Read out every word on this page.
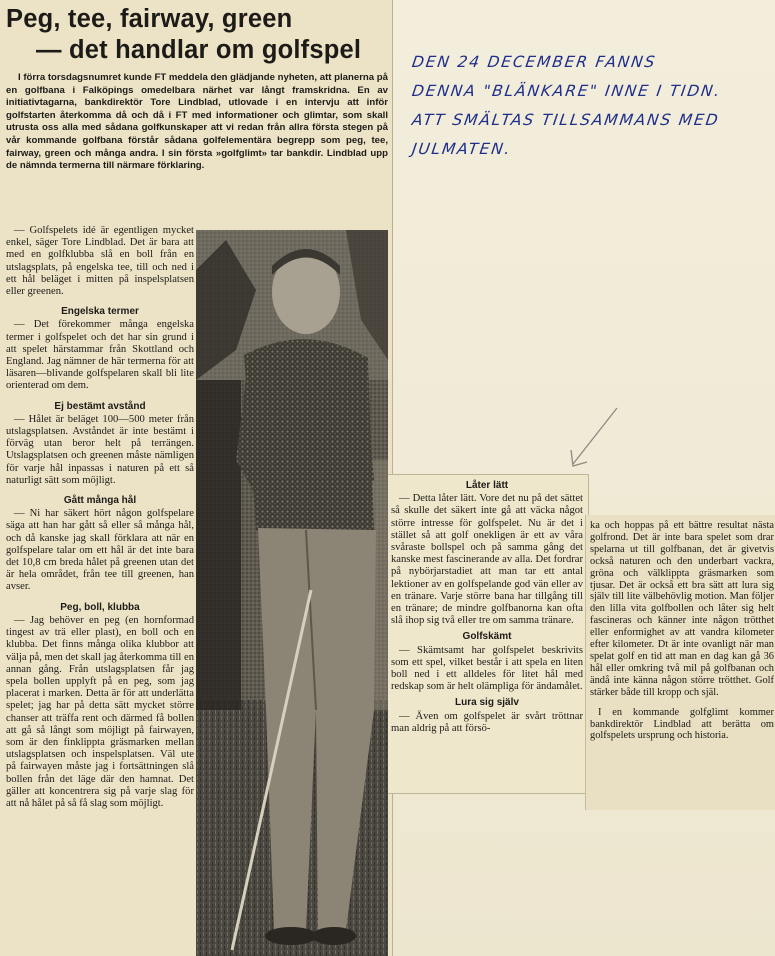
Peg, tee, fairway, green
— det handlar om golfspel

I förra torsdagsnumret kunde FT meddela den glädjande nyheten, att planerna på en golfbana i Falköpings omedelbara närhet var långt framskridna. En av initiativtagarna, bankdirektör Tore Lindblad, utlovade i en intervju att inför golfstarten återkomma då och då i FT med informationer och glimtar, som skall utrusta oss alla med sådana golfkunskaper att vi redan från allra första stegen på vår kommande golfbana förstår sådana golfelementära begrepp som peg, tee, fairway, green och många andra. I sin första »golfglimt» tar bankdir. Lindblad upp de nämnda termerna till närmare förklaring.

— Golfspelets idé är egentligen mycket enkel, säger Tore Lindblad. Det är bara att med en golfklubba slå en boll från en utslagsplats, på engelska tee, till och ned i ett hål beläget i mitten på inspelsplatsen eller greenen.

Engelska termer

— Det förekommer många engelska termer i golfspelet och det har sin grund i att spelet härstammar från Skottland och England. Jag nämner de här termerna för att läsaren—blivande golfspelaren skall bli lite orienterad om dem.

Ej bestämt avstånd

— Hålet är beläget 100—500 meter från utslagsplatsen. Avståndet är inte bestämt i förväg utan beror helt på terrängen. Utslagsplatsen och greenen måste nämligen för varje hål inpassas i naturen på ett så naturligt sätt som möjligt.

Gått många hål

— Ni har säkert hört någon golfspelare säga att han har gått så eller så många hål, och då kanske jag skall förklara att när en golfspelare talar om ett hål är det inte bara det 10,8 cm breda hålet på greenen utan det är hela området, från tee till greenen, han avser.

Peg, boll, klubba

— Jag behöver en peg (en hornformad tingest av trä eller plast), en boll och en klubba. Det finns många olika klubbor att välja på, men det skall jag återkomma till en annan gång. Från utslagsplatsen får jag spela bollen upplyft på en peg, som jag placerat i marken. Detta är för att underlätta spelet; jag har på detta sätt mycket större chanser att träffa rent och därmed få bollen att gå så långt som möjligt på fairwayen, som är den finklippta gräsmarken mellan utslagsplatsen och inspelsplatsen. Väl ute på fairwayen måste jag i fortsättningen slå bollen från det läge där den hamnat. Det gäller att koncentrera sig på varje slag för att nå hålet på så få slag som möjligt.

Låter lätt

— Detta låter lätt. Vore det nu på det sättet så skulle det säkert inte gå att väcka något större intresse för golfspelet. Nu är det i stället så att golf onekligen är ett av våra svåraste bollspel och på samma gång det kanske mest fascinerande av alla. Det fordrar på nybörjarstadiet att man tar ett antal lektioner av en golfspelande god vän eller av en tränare. Varje större bana har tillgång till en tränare; de mindre golfbanorna kan ofta slå ihop sig två eller tre om samma tränare.

Golfskämt

— Skämtsamt har golfspelet beskrivits som ett spel, vilket består i att spela en liten boll ned i ett alldeles för litet hål med redskap som är helt olämpliga för ändamålet.

Lura sig själv

— Även om golfspelet är svårt tröttnar man aldrig på att försö-

ka och hoppas på ett bättre resultat nästa golfrond. Det är inte bara spelet som drar spelarna ut till golfbanan, det är givetvis också naturen och den underbart vackra, gröna och välklippta gräsmarken som tjusar. Det är också ett bra sätt att lura sig själv till lite välbehövlig motion. Man följer den lilla vita golfbollen och låter sig helt fascineras och känner inte någon trötthet eller enformighet av att vandra kilometer efter kilometer. Dt är inte ovanligt när man spelat golf en tid att man en dag kan gå 36 hål eller omkring två mil på golfbanan och ändå inte känna någon större trötthet. Golf stärker både till kropp och själ.

I en kommande golfglimt kommer bankdirektör Lindblad att berätta om golfspelets ursprung och historia.

DEN 24 DECEMBER FANNS
DENNA "BLÄNKARE" INNE I TIDN.
ATT SMÄLTAS TILLSAMMANS MED
JULMATEN.
